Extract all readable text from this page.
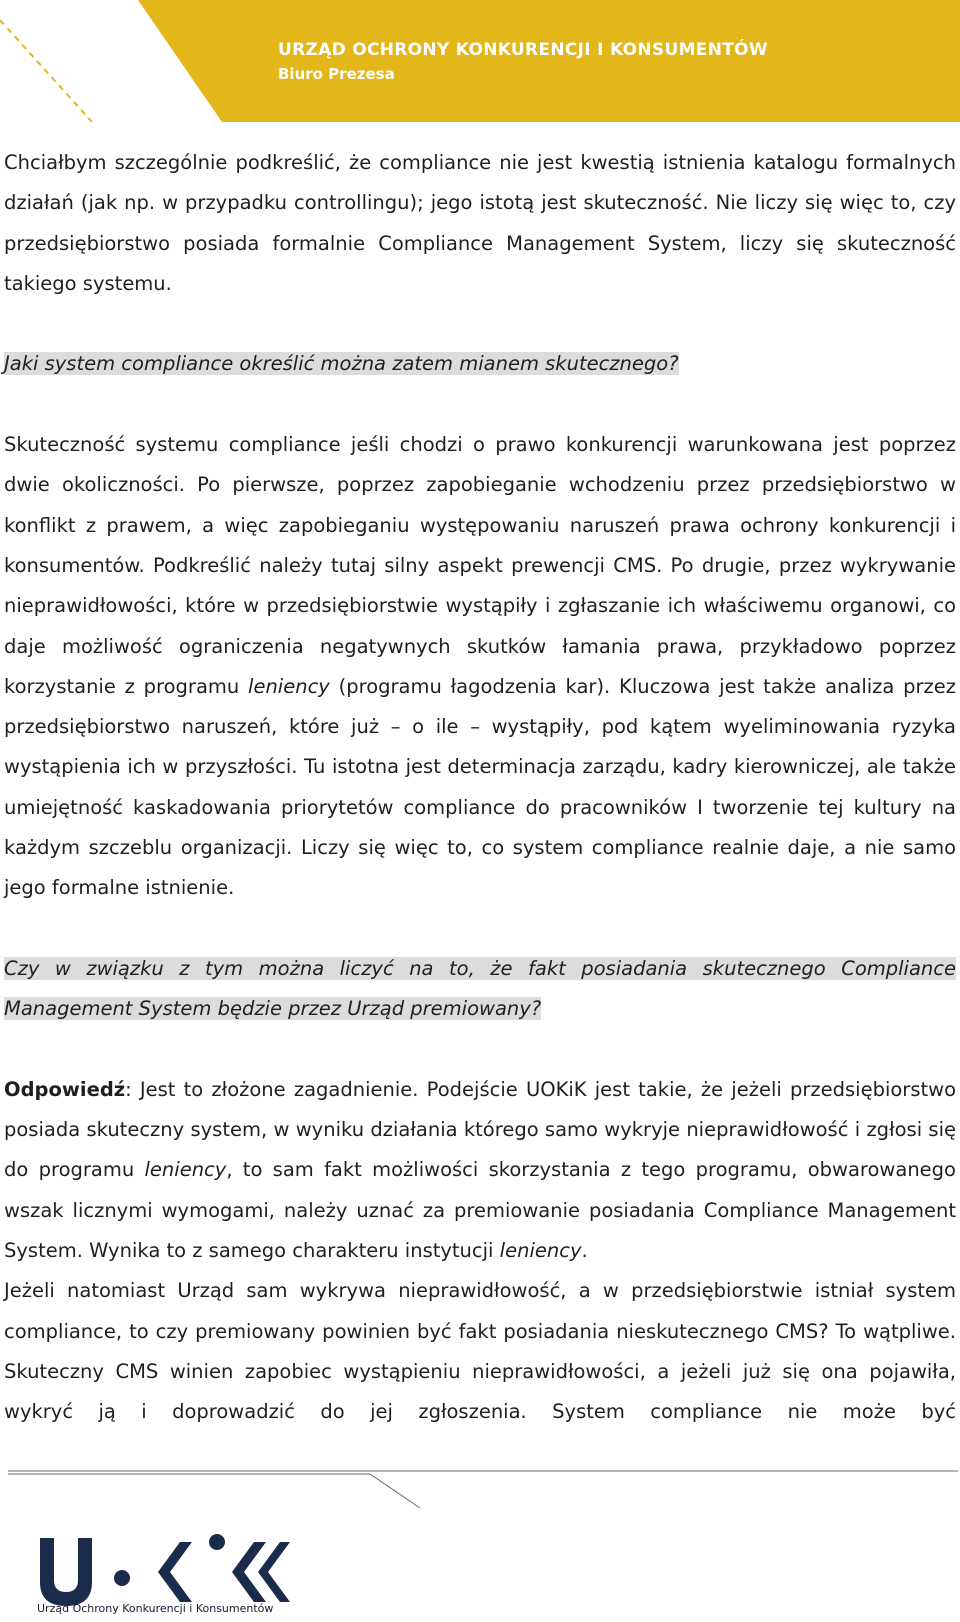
URZĄD OCHRONY KONKURENCJI I KONSUMENTÓW
Biuro Prezesa

Chciałbym szczególnie podkreślić, że compliance nie jest kwestią istnienia katalogu formalnych działań (jak np. w przypadku controllingu); jego istotą jest skuteczność. Nie liczy się więc to, czy przedsiębiorstwo posiada formalnie Compliance Management System, liczy się skuteczność takiego systemu.

Jaki system compliance określić można zatem mianem skutecznego?

Skuteczność systemu compliance jeśli chodzi o prawo konkurencji warunkowana jest poprzez dwie okoliczności. Po pierwsze, poprzez zapobieganie wchodzeniu przez przedsiębiorstwo w konflikt z prawem, a więc zapobieganiu występowaniu naruszeń prawa ochrony konkurencji i konsumentów. Podkreślić należy tutaj silny aspekt prewencji CMS. Po drugie, przez wykrywanie nieprawidłowości, które w przedsiębiorstwie wystąpiły i zgłaszanie ich właściwemu organowi, co daje możliwość ograniczenia negatywnych skutków łamania prawa, przykładowo poprzez korzystanie z programu leniency (programu łagodzenia kar). Kluczowa jest także analiza przez przedsiębiorstwo naruszeń, które już – o ile – wystąpiły, pod kątem wyeliminowania ryzyka wystąpienia ich w przyszłości. Tu istotna jest determinacja zarządu, kadry kierowniczej, ale także umiejętność kaskadowania priorytetów compliance do pracowników I tworzenie tej kultury na każdym szczeblu organizacji. Liczy się więc to, co system compliance realnie daje, a nie samo jego formalne istnienie.

Czy w związku z tym można liczyć na to, że fakt posiadania skutecznego Compliance Management System będzie przez Urząd premiowany?

Odpowiedź: Jest to złożone zagadnienie. Podejście UOKiK jest takie, że jeżeli przedsiębiorstwo posiada skuteczny system, w wyniku działania którego samo wykryje nieprawidłowość i zgłosi się do programu leniency, to sam fakt możliwości skorzystania z tego programu, obwarowanego wszak licznymi wymogami, należy uznać za premiowanie posiadania Compliance Management System. Wynika to z samego charakteru instytucji leniency.

Jeżeli natomiast Urząd sam wykrywa nieprawidłowość, a w przedsiębiorstwie istniał system compliance, to czy premiowany powinien być fakt posiadania nieskutecznego CMS? To wątpliwe. Skuteczny CMS winien zapobiec wystąpieniu nieprawidłowości, a jeżeli już się ona pojawiła, wykryć ją i doprowadzić do jej zgłoszenia. System compliance nie może być

Urząd Ochrony Konkurencji i Konsumentów
